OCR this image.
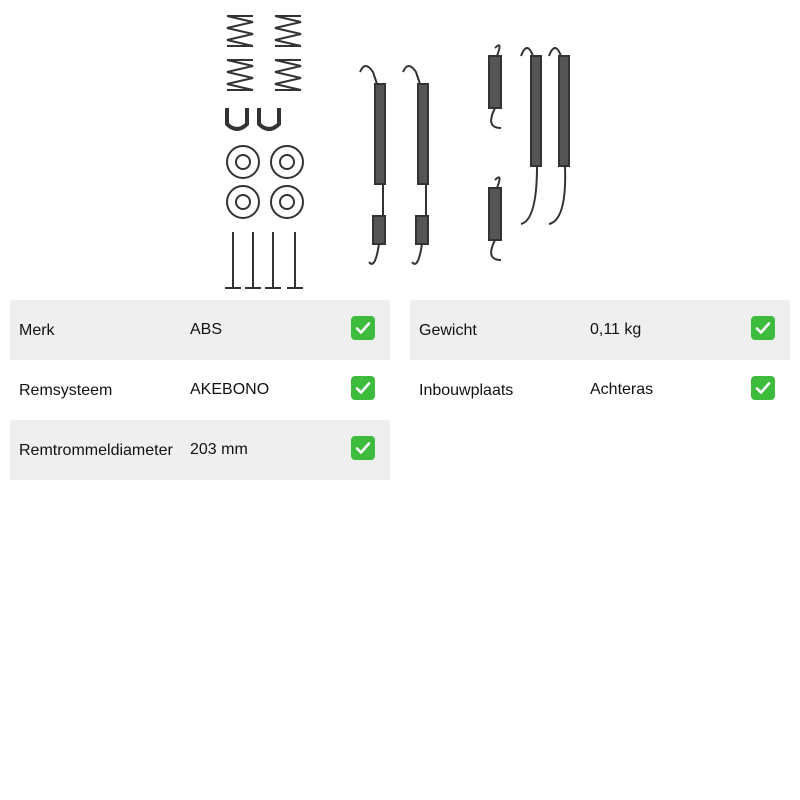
Merk	ABS
Remsysteem	AKEBONO
Remtrommeldiameter 203 mm
Gewicht	0,11 kg
Inbouwplaats	Achteras
